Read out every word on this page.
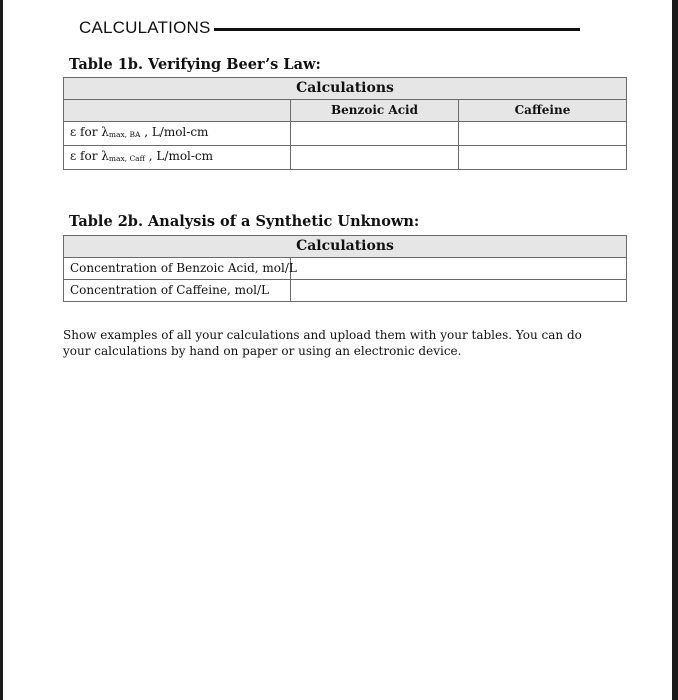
CALCULATIONS
Table 1b. Verifying Beer’s Law:
Calculations		
	Benzoic Acid	Caffeine
ε for $\lambda_{max, BA}$ , L/mol-cm		
ε for $\lambda_{max, Caff}$ , L/mol-cm		
Table 2b. Analysis of a Synthetic Unknown:
Calculations	
Concentration of Benzoic Acid, mol/L	
Concentration of Caffeine, mol/L	
Show examples of all your calculations and upload them with your tables. You can do your calculations by hand on paper or using an electronic device.
